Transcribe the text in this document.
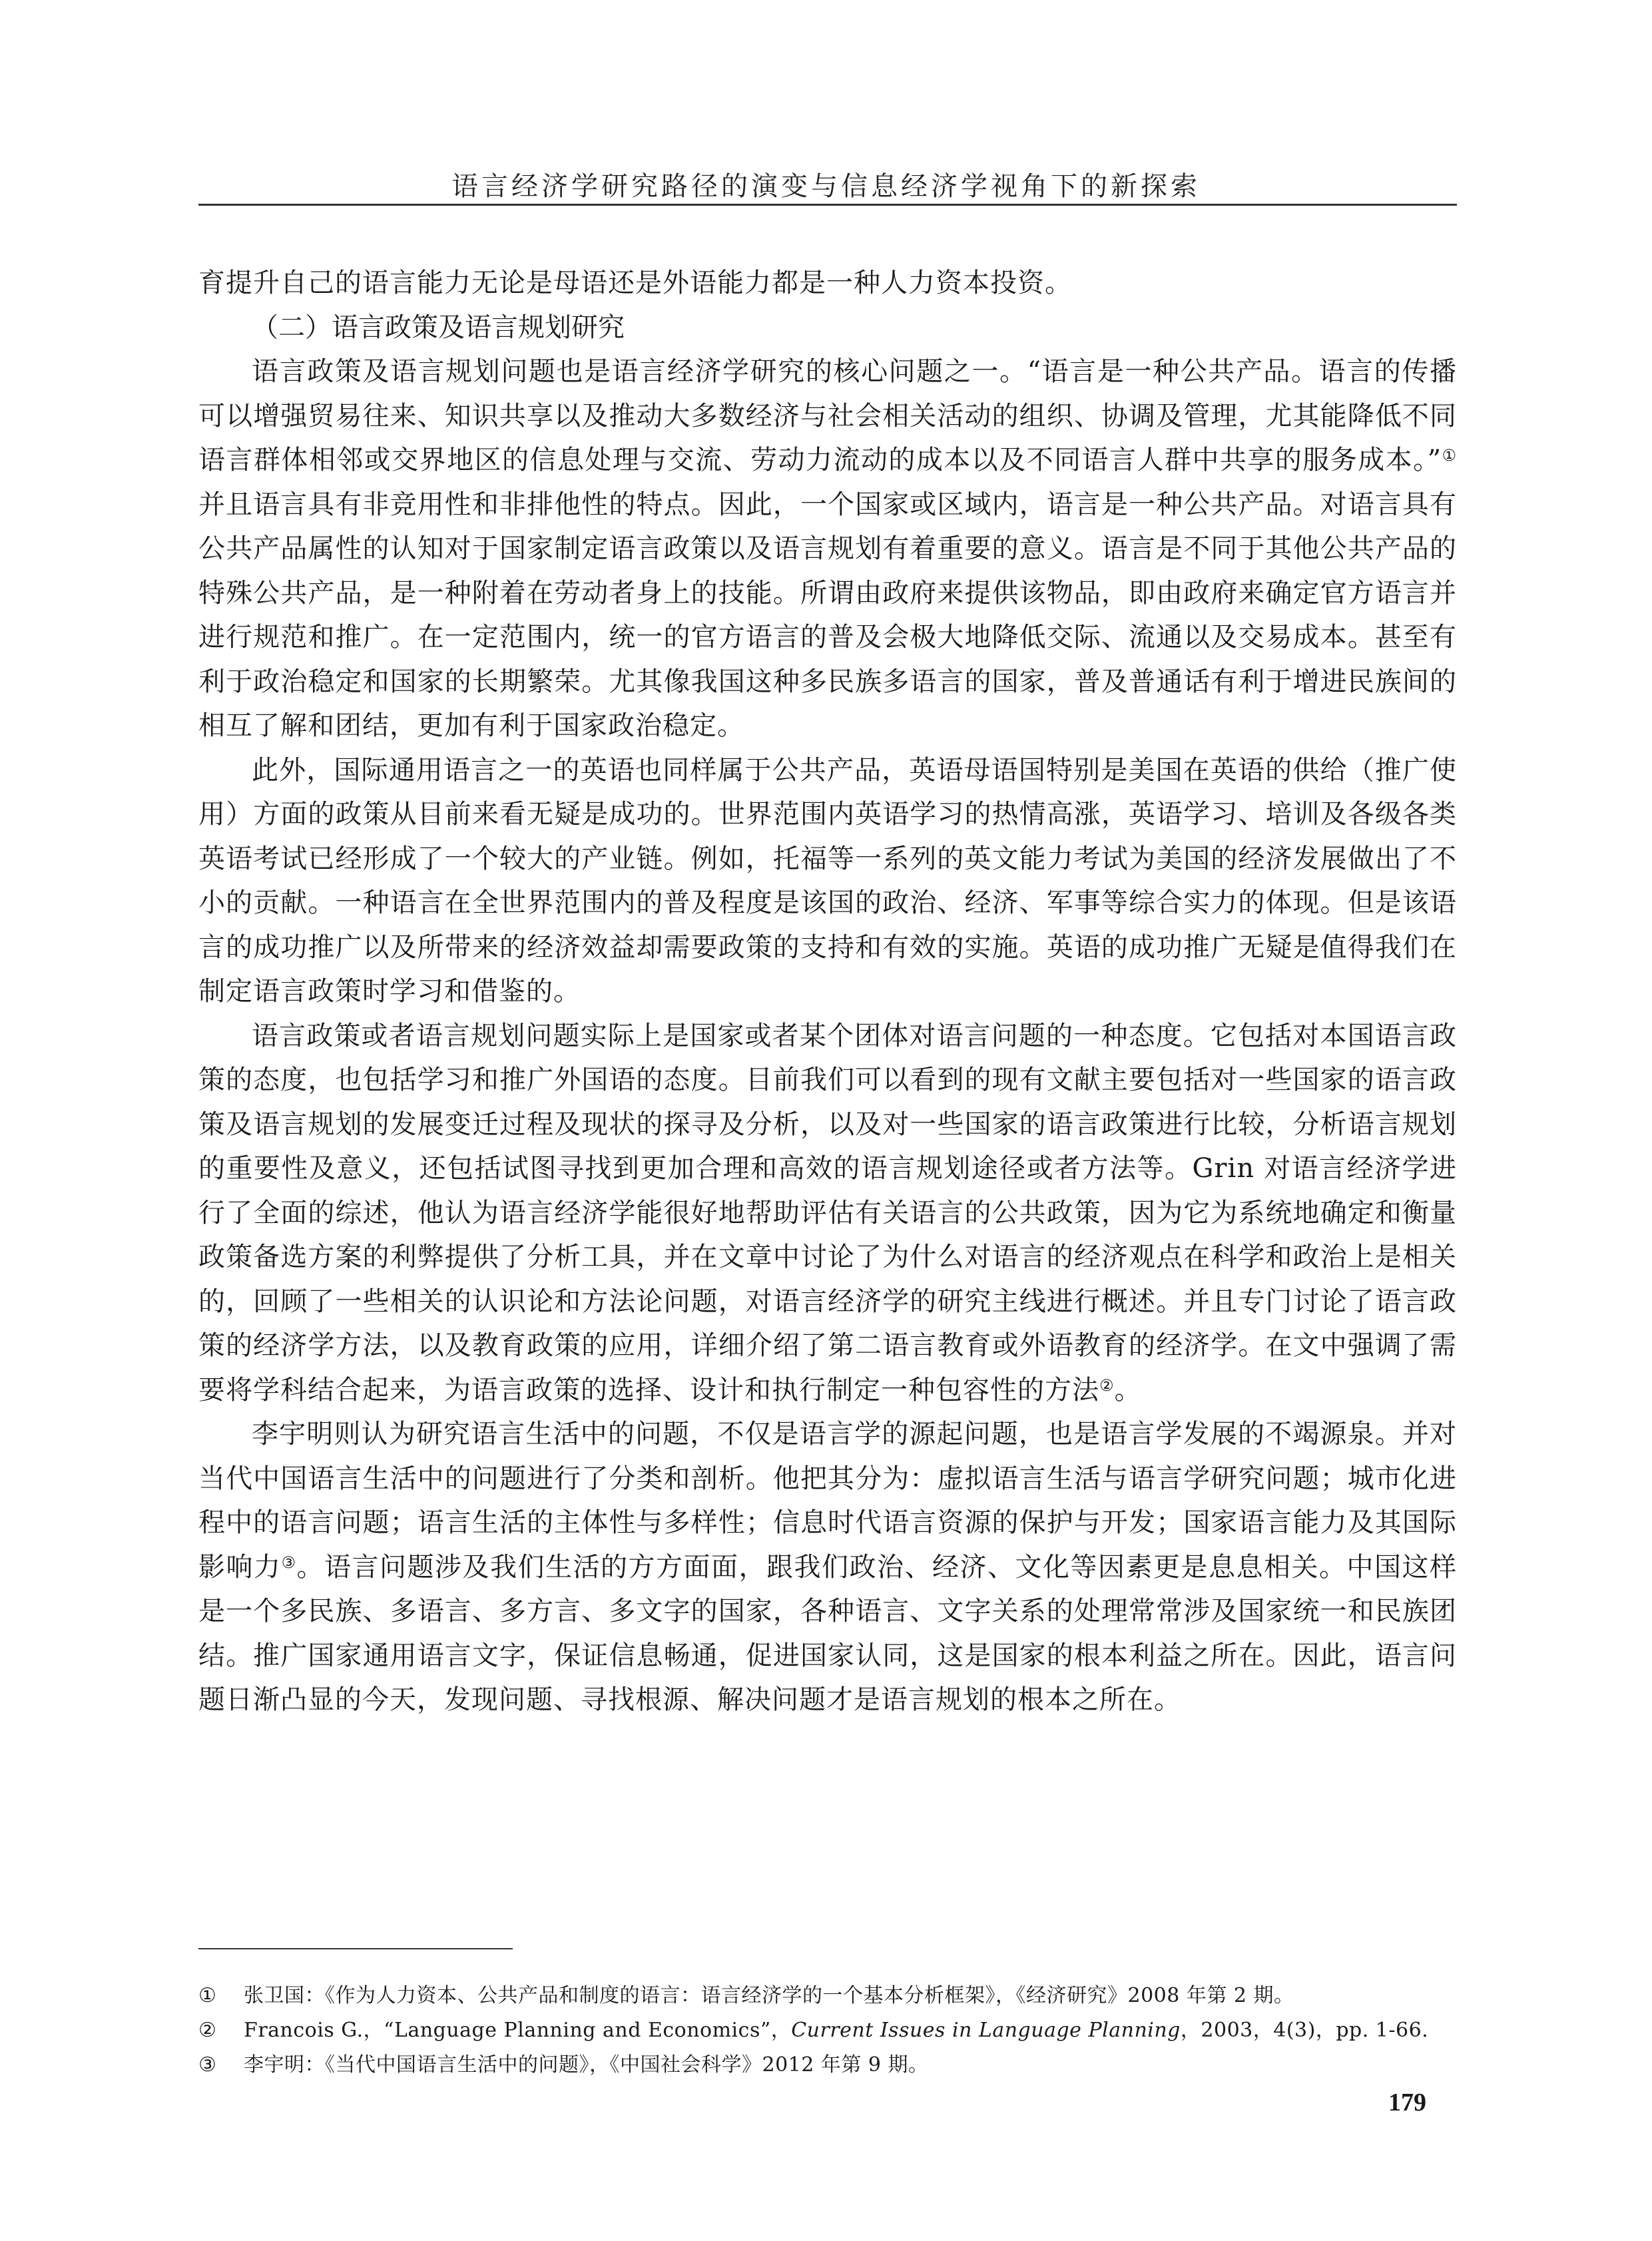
语言经济学研究路径的演变与信息经济学视角下的新探索

育提升自己的语言能力无论是母语还是外语能力都是一种人力资本投资。

（二）语言政策及语言规划研究

语言政策及语言规划问题也是语言经济学研究的核心问题之一。“语言是一种公共产品。语言的传播可以增强贸易往来、知识共享以及推动大多数经济与社会相关活动的组织、协调及管理，尤其能降低不同语言群体相邻或交界地区的信息处理与交流、劳动力流动的成本以及不同语言人群中共享的服务成本。”①并且语言具有非竞用性和非排他性的特点。因此，一个国家或区域内，语言是一种公共产品。对语言具有公共产品属性的认知对于国家制定语言政策以及语言规划有着重要的意义。语言是不同于其他公共产品的特殊公共产品，是一种附着在劳动者身上的技能。所谓由政府来提供该物品，即由政府来确定官方语言并进行规范和推广。在一定范围内，统一的官方语言的普及会极大地降低交际、流通以及交易成本。甚至有利于政治稳定和国家的长期繁荣。尤其像我国这种多民族多语言的国家，普及普通话有利于增进民族间的相互了解和团结，更加有利于国家政治稳定。

此外，国际通用语言之一的英语也同样属于公共产品，英语母语国特别是美国在英语的供给（推广使用）方面的政策从目前来看无疑是成功的。世界范围内英语学习的热情高涨，英语学习、培训及各级各类英语考试已经形成了一个较大的产业链。例如，托福等一系列的英文能力考试为美国的经济发展做出了不小的贡献。一种语言在全世界范围内的普及程度是该国的政治、经济、军事等综合实力的体现。但是该语言的成功推广以及所带来的经济效益却需要政策的支持和有效的实施。英语的成功推广无疑是值得我们在制定语言政策时学习和借鉴的。

语言政策或者语言规划问题实际上是国家或者某个团体对语言问题的一种态度。它包括对本国语言政策的态度，也包括学习和推广外国语的态度。目前我们可以看到的现有文献主要包括对一些国家的语言政策及语言规划的发展变迁过程及现状的探寻及分析，以及对一些国家的语言政策进行比较，分析语言规划的重要性及意义，还包括试图寻找到更加合理和高效的语言规划途径或者方法等。Grin 对语言经济学进行了全面的综述，他认为语言经济学能很好地帮助评估有关语言的公共政策，因为它为系统地确定和衡量政策备选方案的利弊提供了分析工具，并在文章中讨论了为什么对语言的经济观点在科学和政治上是相关的，回顾了一些相关的认识论和方法论问题，对语言经济学的研究主线进行概述。并且专门讨论了语言政策的经济学方法，以及教育政策的应用，详细介绍了第二语言教育或外语教育的经济学。在文中强调了需要将学科结合起来，为语言政策的选择、设计和执行制定一种包容性的方法②。

李宇明则认为研究语言生活中的问题，不仅是语言学的源起问题，也是语言学发展的不竭源泉。并对当代中国语言生活中的问题进行了分类和剖析。他把其分为：虚拟语言生活与语言学研究问题；城市化进程中的语言问题；语言生活的主体性与多样性；信息时代语言资源的保护与开发；国家语言能力及其国际影响力③。语言问题涉及我们生活的方方面面，跟我们政治、经济、文化等因素更是息息相关。中国这样是一个多民族、多语言、多方言、多文字的国家，各种语言、文字关系的处理常常涉及国家统一和民族团结。推广国家通用语言文字，保证信息畅通，促进国家认同，这是国家的根本利益之所在。因此，语言问题日渐凸显的今天，发现问题、寻找根源、解决问题才是语言规划的根本之所在。

①	张卫国：《作为人力资本、公共产品和制度的语言：语言经济学的一个基本分析框架》，《经济研究》2008 年第 2 期。
②	Francois G.，“Language Planning and Economics”，Current Issues in Language Planning，2003，4(3)，pp. 1-66.
③	李宇明：《当代中国语言生活中的问题》，《中国社会科学》2012 年第 9 期。
179
